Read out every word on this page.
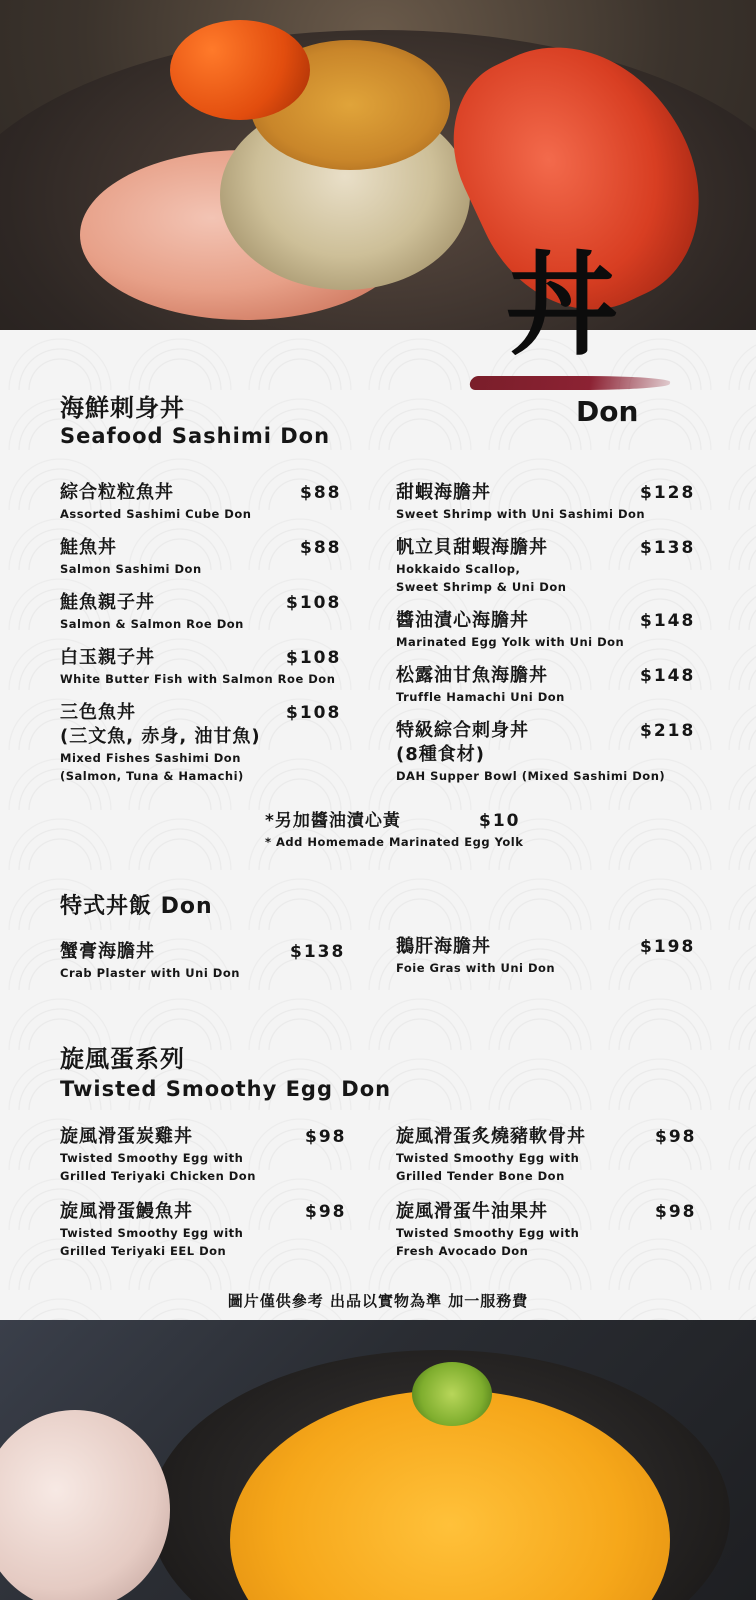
丼
Don
海鮮刺身丼
Seafood Sashimi Don
綜合粒粒魚丼
Assorted Sashimi Cube Don
$88
鮭魚丼
Salmon Sashimi Don
$88
鮭魚親子丼
Salmon & Salmon Roe Don
$108
白玉親子丼
White Butter Fish with Salmon Roe Don
$108
三色魚丼
(三文魚, 赤身, 油甘魚)
Mixed Fishes Sashimi Don
(Salmon, Tuna & Hamachi)
$108
甜蝦海膽丼
Sweet Shrimp with Uni Sashimi Don
$128
帆立貝甜蝦海膽丼
Hokkaido Scallop,
Sweet Shrimp & Uni Don
$138
醬油漬心海膽丼
Marinated Egg Yolk with Uni Don
$148
松露油甘魚海膽丼
Truffle Hamachi Uni Don
$148
特級綜合刺身丼
(8種食材)
DAH Supper Bowl (Mixed Sashimi Don)
$218
*另加醬油漬心黃
* Add Homemade Marinated Egg Yolk
$10
特式丼飯 Don
蟹膏海膽丼
Crab Plaster with Uni Don
$138	鵝肝海膽丼
Foie Gras with Uni Don
$198
旋風蛋系列
Twisted Smoothy Egg Don
旋風滑蛋炭雞丼
Twisted Smoothy Egg with
Grilled Teriyaki Chicken Don
$98	旋風滑蛋炙燒豬軟骨丼
Twisted Smoothy Egg with
Grilled Tender Bone Don
$98
旋風滑蛋鰻魚丼
Twisted Smoothy Egg with
Grilled Teriyaki EEL Don
$98	旋風滑蛋牛油果丼
Twisted Smoothy Egg with
Fresh Avocado Don
$98
圖片僅供參考 出品以實物為準 加一服務費
